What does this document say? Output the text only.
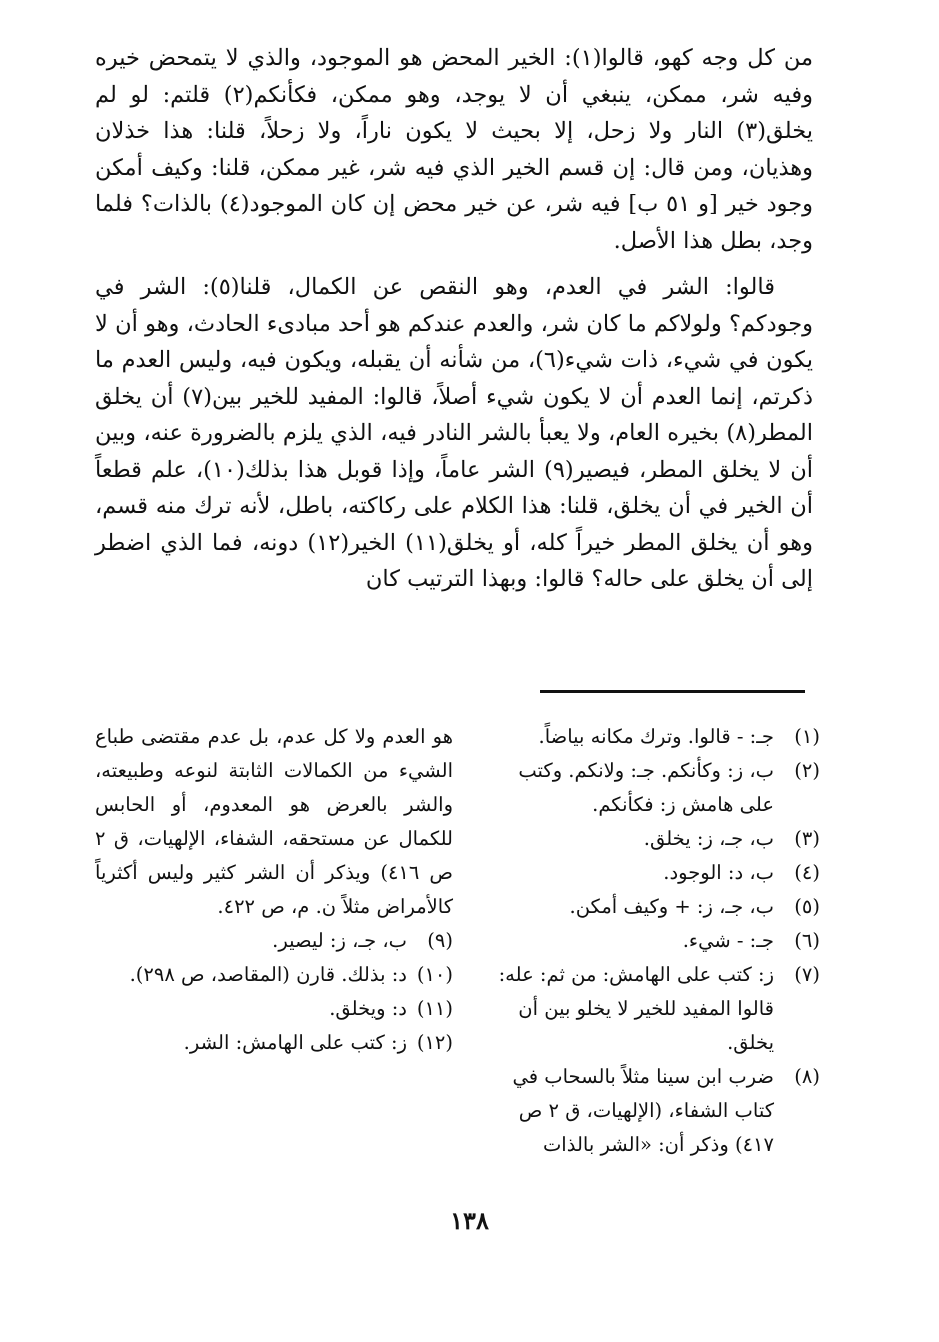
من كل وجه كهو، قالوا(١): الخير المحض هو الموجود، والذي لا يتمحض خيره وفيه شر، ممكن، ينبغي أن لا يوجد، وهو ممكن، فكأنكم(٢) قلتم: لو لم يخلق(٣) النار ولا زحل، إلا بحيث لا يكون ناراً، ولا زحلاً، قلنا: هذا خذلان وهذيان، ومن قال: إن قسم الخير الذي فيه شر، غير ممكن، قلنا: وكيف أمكن وجود خير [و ٥١ ب] فيه شر، عن خير محض إن كان الموجود(٤) بالذات؟ فلما وجد، بطل هذا الأصل.

قالوا: الشر في العدم، وهو النقص عن الكمال، قلنا(٥): الشر في وجودكم؟ ولولاكم ما كان شر، والعدم عندكم هو أحد مبادىء الحادث، وهو أن لا يكون في شيء، ذات شيء(٦)، من شأنه أن يقبله، ويكون فيه، وليس العدم ما ذكرتم، إنما العدم أن لا يكون شيء أصلاً، قالوا: المفيد للخير بين(٧) أن يخلق المطر(٨) بخيره العام، ولا يعبأ بالشر النادر فيه، الذي يلزم بالضرورة عنه، وبين أن لا يخلق المطر، فيصير(٩) الشر عاماً، وإذا قوبل هذا بذلك(١٠)، علم قطعاً أن الخير في أن يخلق، قلنا: هذا الكلام على ركاكته، باطل، لأنه ترك منه قسم، وهو أن يخلق المطر خيراً كله، أو يخلق(١١) الخير(١٢) دونه، فما الذي اضطر إلى أن يخلق على حاله؟ قالوا: وبهذا الترتيب كان

(١)
جـ: - قالوا. وترك مكانه بياضاً.
(٢)
ب، ز: وكأنكم. جـ: ولانكم. وكتب على هامش ز: فكأنكم.
(٣)
ب، جـ، ز: يخلق.
(٤)
ب، د: الوجود.
(٥)
ب، جـ، ز: + وكيف أمكن.
(٦)
جـ: - شيء.
(٧)
ز: كتب على الهامش: من ثم: عله: قالوا المفيد للخير لا يخلو بين أن يخلق.
(٨)
ضرب ابن سينا مثلاً بالسحاب في كتاب الشفاء، (الإلهيات، ق ٢ ص ٤١٧) وذكر أن: «الشر بالذات

هو العدم ولا كل عدم، بل عدم مقتضى طباع الشيء من الكمالات الثابتة لنوعه وطبيعته، والشر بالعرض هو المعدوم، أو الحابس للكمال عن مستحقه، الشفاء، الإلهيات، ق ٢ ص ٤١٦) ويذكر أن الشر كثير وليس أكثرياً كالأمراض مثلاً ن. م، ص ٤٢٢.

(٩)
ب، جـ، ز: ليصير.
(١٠)
د: بذلك. قارن (المقاصد، ص ٢٩٨).
(١١)
د: ويخلق.
(١٢)
ز: كتب على الهامش: الشر.
١٣٨
